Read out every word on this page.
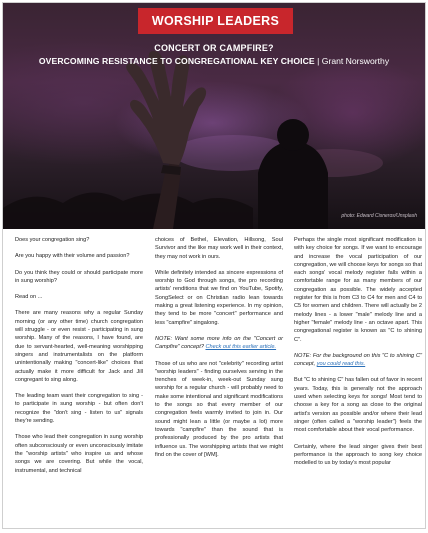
WORSHIP LEADERS
CONCERT OR CAMPFIRE?
OVERCOMING RESISTANCE TO CONGREGATIONAL KEY CHOICE | Grant Norsworthy
photo: Edward Cisneros/Unsplash

Does your congregation sing?

Are you happy with their volume and passion?

Do you think they could or should participate more in sung worship?

Read on ...

There are many reasons why a regular Sunday morning (or any other time) church congregation will struggle - or even resist - participating in sung worship. Many of the reasons, I have found, are due to servant-hearted, well-meaning worshipping singers and instrumentalists on the platform unintentionally making "concert-like" choices that actually make it more difficult for Jack and Jill congregant to sing along.

The leading team want their congregation to sing - to participate in sung worship - but often don't recognize the "don't sing - listen to us" signals they're sending.

Those who lead their congregation in sung worship often subconsciously or even unconsciously imitate the "worship artists" who inspire us and whose songs we are covering. But while the vocal, instrumental, and technical

choices of Bethel, Elevation, Hillsong, Soul Survivor and the like may work well in their context, they may not work in ours.

While definitely intended as sincere expressions of worship to God through songs, the pro recording artists' renditions that we find on YouTube, Spotify, SongSelect or on Christian radio lean towards making a great listening experience. In my opinion, they tend to be more "concert" performance and less "campfire" singalong.

NOTE: Want some more info on the "Concert or Campfire" concept? Check out this earlier article.

Those of us who are not "celebrity" recording artist "worship leaders" - finding ourselves serving in the trenches of week-in, week-out Sunday sung worship for a regular church - will probably need to make some intentional and significant modifications to the songs so that every member of our congregation feels warmly invited to join in. Our sound might lean a little (or maybe a lot) more towards "campfire" than the sound that is professionally produced by the pro artists that influence us. The worshipping artists that we might find on the cover of [WM].

Perhaps the single most significant modification is with key choice for songs. If we want to encourage and increase the vocal participation of our congregation, we will choose keys for songs so that each songs' vocal melody register falls within a comfortable range for as many members of our congregation as possible. The widely accepted register for this is from C3 to C4 for men and C4 to C5 for women and children. There will actually be 2 melody lines - a lower "male" melody line and a higher "female" melody line - an octave apart. This congregational register is known as "C to shining C".

NOTE: For the background on this "C to shining C" concept, you could read this.

But "C to shining C" has fallen out of favor in recent years. Today, this is generally not the approach used when selecting keys for songs! Most tend to choose a key for a song as close to the original artist's version as possible and/or where their lead singer (often called a "worship leader") feels the most comfortable about their vocal performance.

Certainly, where the lead singer gives their best performance is the approach to song key choice modelled to us by today's most popular
